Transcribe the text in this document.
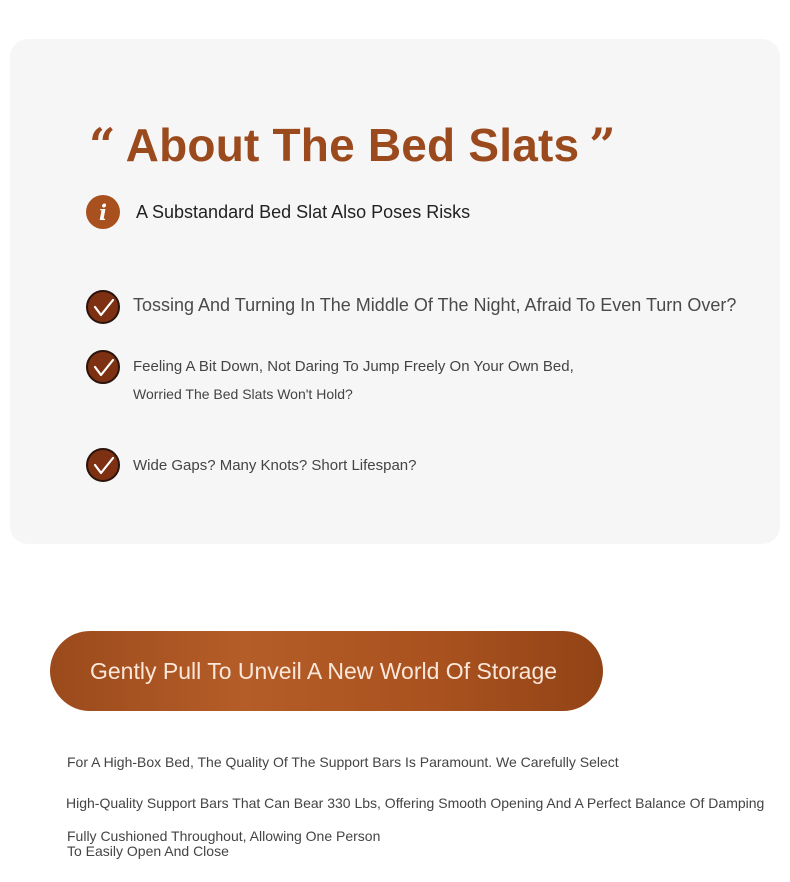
“ About The Bed Slats ”
i A Substandard Bed Slat Also Poses Risks
Tossing And Turning In The Middle Of The Night, Afraid To Even Turn Over?
Feeling A Bit Down, Not Daring To Jump Freely On Your Own Bed,
Worried The Bed Slats Won't Hold?
Wide Gaps? Many Knots? Short Lifespan?
Gently Pull To Unveil A New World Of Storage
For A High-Box Bed, The Quality Of The Support Bars Is Paramount. We Carefully Select
High-Quality Support Bars That Can Bear 330 Lbs, Offering Smooth Opening And A Perfect Balance Of Damping
Fully Cushioned Throughout, Allowing One Person To Easily Open And Close
